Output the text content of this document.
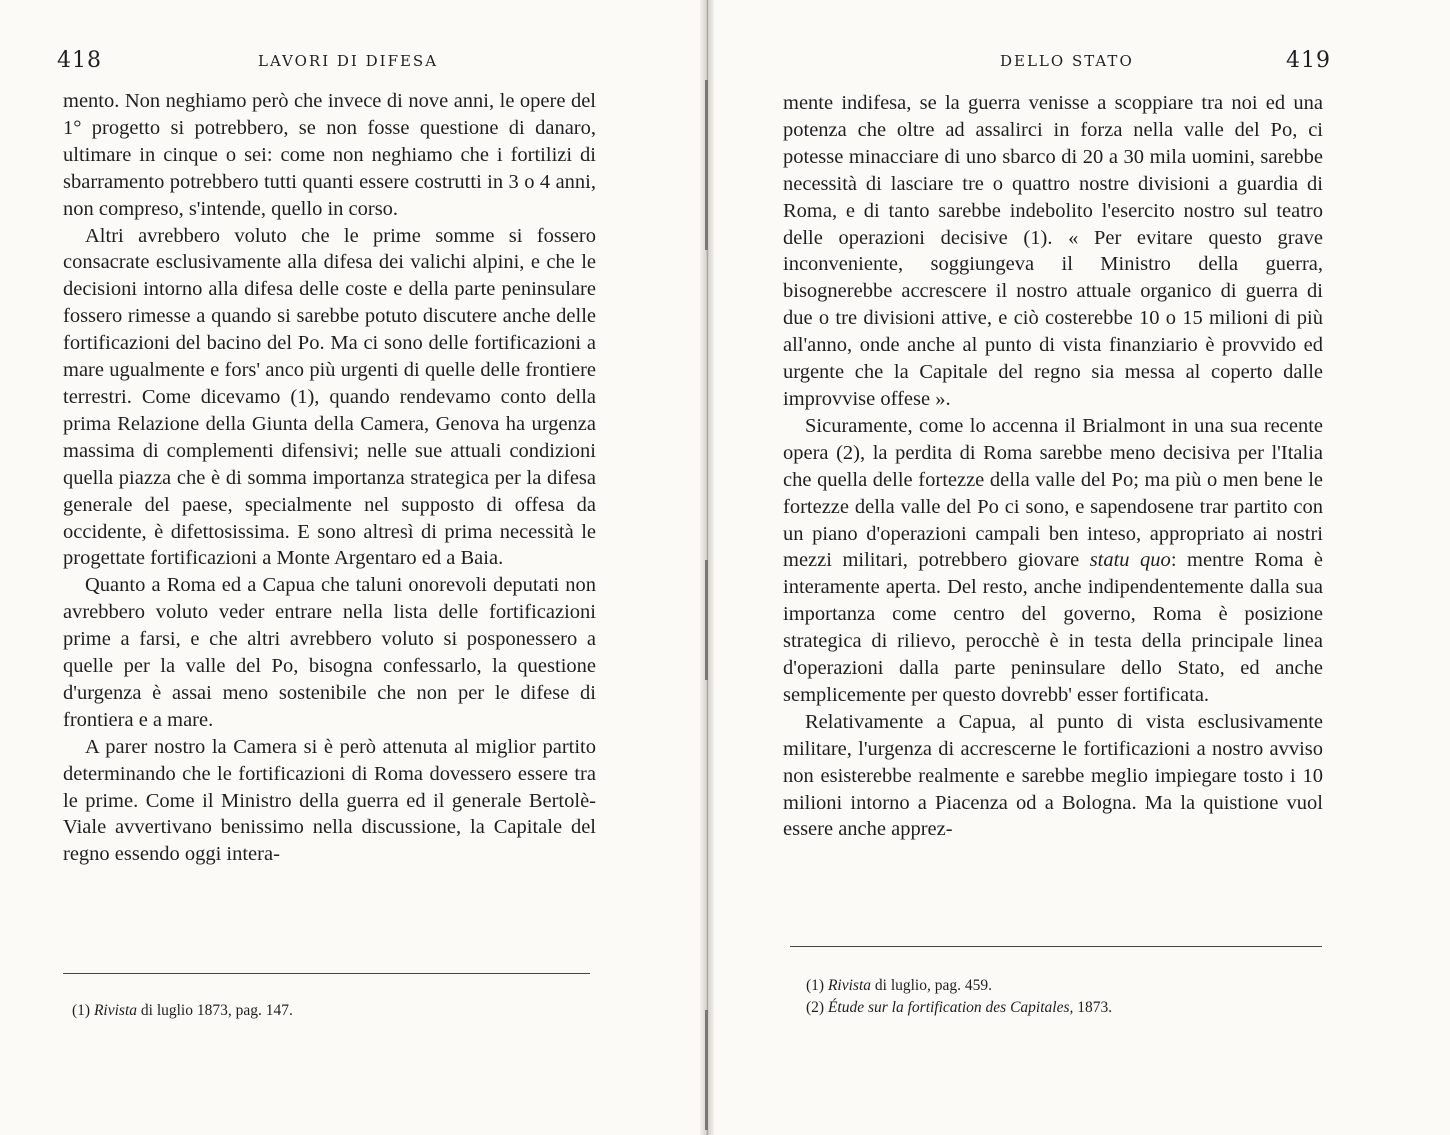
418	LAVORI DI DIFESA

mento. Non neghiamo però che invece di nove anni, le opere del 1° progetto si potrebbero, se non fosse questione di danaro, ultimare in cinque o sei: come non neghiamo che i fortilizi di sbarramento potrebbero tutti quanti essere costrutti in 3 o 4 anni, non compreso, s'intende, quello in corso.

Altri avrebbero voluto che le prime somme si fossero consacrate esclusivamente alla difesa dei valichi alpini, e che le decisioni intorno alla difesa delle coste e della parte peninsulare fossero rimesse a quando si sarebbe potuto discutere anche delle fortificazioni del bacino del Po. Ma ci sono delle fortificazioni a mare ugualmente e fors' anco più urgenti di quelle delle frontiere terrestri. Come dicevamo (1), quando rendevamo conto della prima Relazione della Giunta della Camera, Genova ha urgenza massima di complementi difensivi; nelle sue attuali condizioni quella piazza che è di somma importanza strategica per la difesa generale del paese, specialmente nel supposto di offesa da occidente, è difettosissima. E sono altresì di prima necessità le progettate fortificazioni a Monte Argentaro ed a Baia.

Quanto a Roma ed a Capua che taluni onorevoli deputati non avrebbero voluto veder entrare nella lista delle fortificazioni prime a farsi, e che altri avrebbero voluto si posponessero a quelle per la valle del Po, bisogna confessarlo, la questione d'urgenza è assai meno sostenibile che non per le difese di frontiera e a mare.

A parer nostro la Camera si è però attenuta al miglior partito determinando che le fortificazioni di Roma dovessero essere tra le prime. Come il Ministro della guerra ed il generale Bertolè-Viale avvertivano benissimo nella discussione, la Capitale del regno essendo oggi intera-

(1) Rivista di luglio 1873, pag. 147.
DELLO STATO	419

mente indifesa, se la guerra venisse a scoppiare tra noi ed una potenza che oltre ad assalirci in forza nella valle del Po, ci potesse minacciare di uno sbarco di 20 a 30 mila uomini, sarebbe necessità di lasciare tre o quattro nostre divisioni a guardia di Roma, e di tanto sarebbe indebolito l'esercito nostro sul teatro delle operazioni decisive (1). « Per evitare questo grave inconveniente, soggiungeva il Ministro della guerra, bisognerebbe accrescere il nostro attuale organico di guerra di due o tre divisioni attive, e ciò costerebbe 10 o 15 milioni di più all'anno, onde anche al punto di vista finanziario è provvido ed urgente che la Capitale del regno sia messa al coperto dalle improvvise offese ».

Sicuramente, come lo accenna il Brialmont in una sua recente opera (2), la perdita di Roma sarebbe meno decisiva per l'Italia che quella delle fortezze della valle del Po; ma più o men bene le fortezze della valle del Po ci sono, e sapendosene trar partito con un piano d'operazioni campali ben inteso, appropriato ai nostri mezzi militari, potrebbero giovare statu quo: mentre Roma è interamente aperta. Del resto, anche indipendentemente dalla sua importanza come centro del governo, Roma è posizione strategica di rilievo, perocchè è in testa della principale linea d'operazioni dalla parte peninsulare dello Stato, ed anche semplicemente per questo dovrebb' esser fortificata.

Relativamente a Capua, al punto di vista esclusivamente militare, l'urgenza di accrescerne le fortificazioni a nostro avviso non esisterebbe realmente e sarebbe meglio impiegare tosto i 10 milioni intorno a Piacenza od a Bologna. Ma la quistione vuol essere anche apprez-

(1) Rivista di luglio, pag. 459.
(2) Étude sur la fortification des Capitales, 1873.
